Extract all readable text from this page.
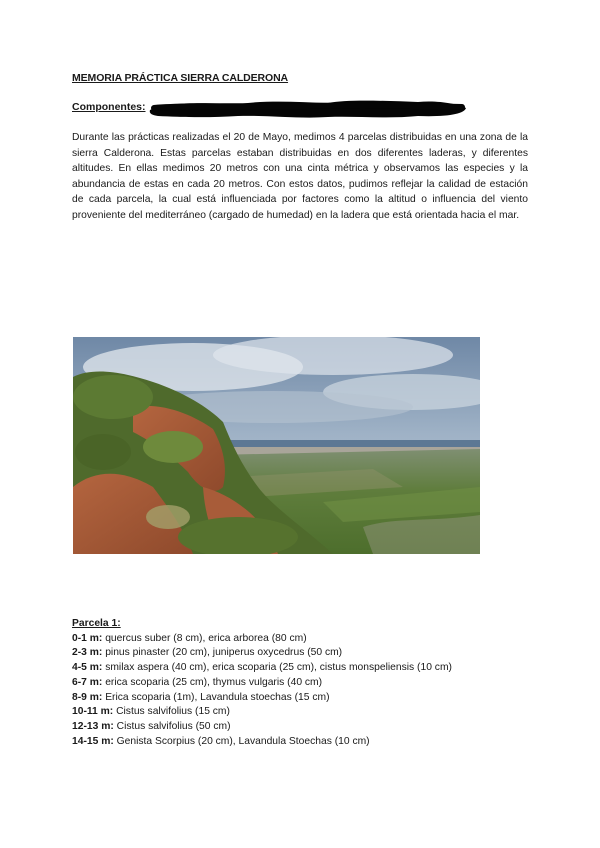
MEMORIA PRÁCTICA SIERRA CALDERONA
Componentes:
Durante las prácticas realizadas el 20 de Mayo, medimos 4 parcelas distribuidas en una zona de la sierra Calderona. Estas parcelas estaban distribuidas en dos diferentes laderas, y diferentes altitudes. En ellas medimos 20 metros con una cinta métrica y observamos las especies y la abundancia de estas en cada 20 metros. Con estos datos, pudimos reflejar la calidad de estación de cada parcela, la cual está influenciada por factores como la altitud o influencia del viento proveniente del mediterráneo (cargado de humedad) en la ladera que está orientada hacia el mar.
Parcela 1:
0-1 m: quercus suber (8 cm), erica arborea (80 cm)
2-3 m: pinus pinaster (20 cm), juniperus oxycedrus (50 cm)
4-5 m: smilax aspera (40 cm), erica scoparia (25 cm), cistus monspeliensis (10 cm)
6-7 m: erica scoparia (25 cm), thymus vulgaris (40 cm)
8-9 m: Erica scoparia (1m), Lavandula stoechas (15 cm)
10-11 m: Cistus salvifolius (15 cm)
12-13 m: Cistus salvifolius (50 cm)
14-15 m: Genista Scorpius (20 cm), Lavandula Stoechas (10 cm)
